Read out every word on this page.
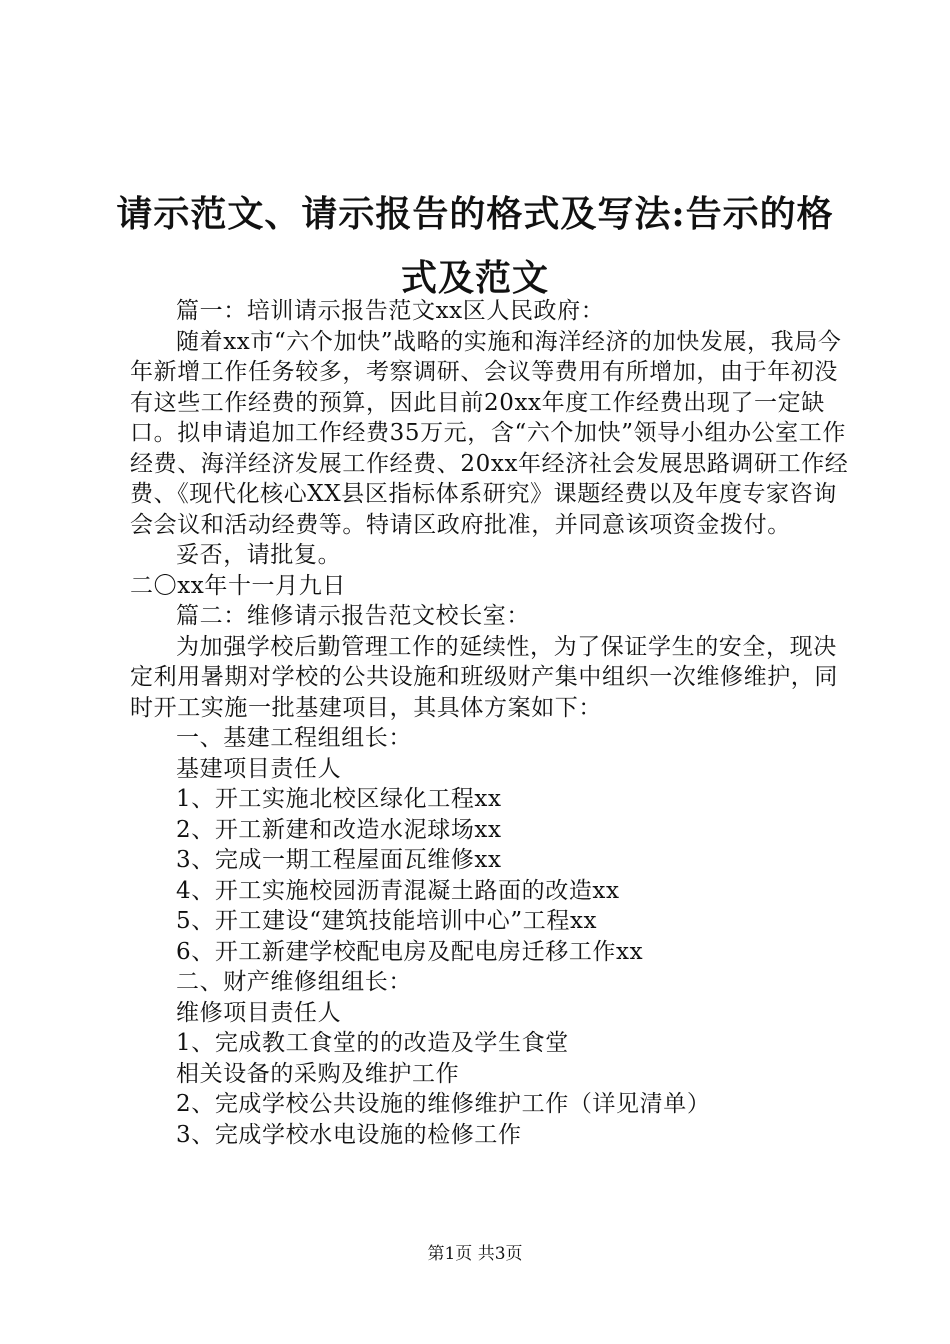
请示范文、请示报告的格式及写法:告示的格式及范文

篇一：培训请示报告范文xx区人民政府：

随着xx市“六个加快”战略的实施和海洋经济的加快发展，我局今年新增工作任务较多，考察调研、会议等费用有所增加，由于年初没有这些工作经费的预算，因此目前20xx年度工作经费出现了一定缺口。拟申请追加工作经费35万元，含“六个加快”领导小组办公室工作经费、海洋经济发展工作经费、20xx年经济社会发展思路调研工作经费、《现代化核心XX县区指标体系研究》课题经费以及年度专家咨询会会议和活动经费等。特请区政府批准，并同意该项资金拨付。

妥否，请批复。

二〇xx年十一月九日

篇二：维修请示报告范文校长室：

为加强学校后勤管理工作的延续性，为了保证学生的安全，现决定利用暑期对学校的公共设施和班级财产集中组织一次维修维护，同时开工实施一批基建项目，其具体方案如下：

一、基建工程组组长：

基建项目责任人

1、开工实施北校区绿化工程xx

2、开工新建和改造水泥球场xx

3、完成一期工程屋面瓦维修xx

4、开工实施校园沥青混凝土路面的改造xx

5、开工建设“建筑技能培训中心”工程xx

6、开工新建学校配电房及配电房迁移工作xx

二、财产维修组组长：

维修项目责任人

1、完成教工食堂的的改造及学生食堂

相关设备的采购及维护工作

2、完成学校公共设施的维修维护工作（详见清单）

3、完成学校水电设施的检修工作

第1页 共3页
